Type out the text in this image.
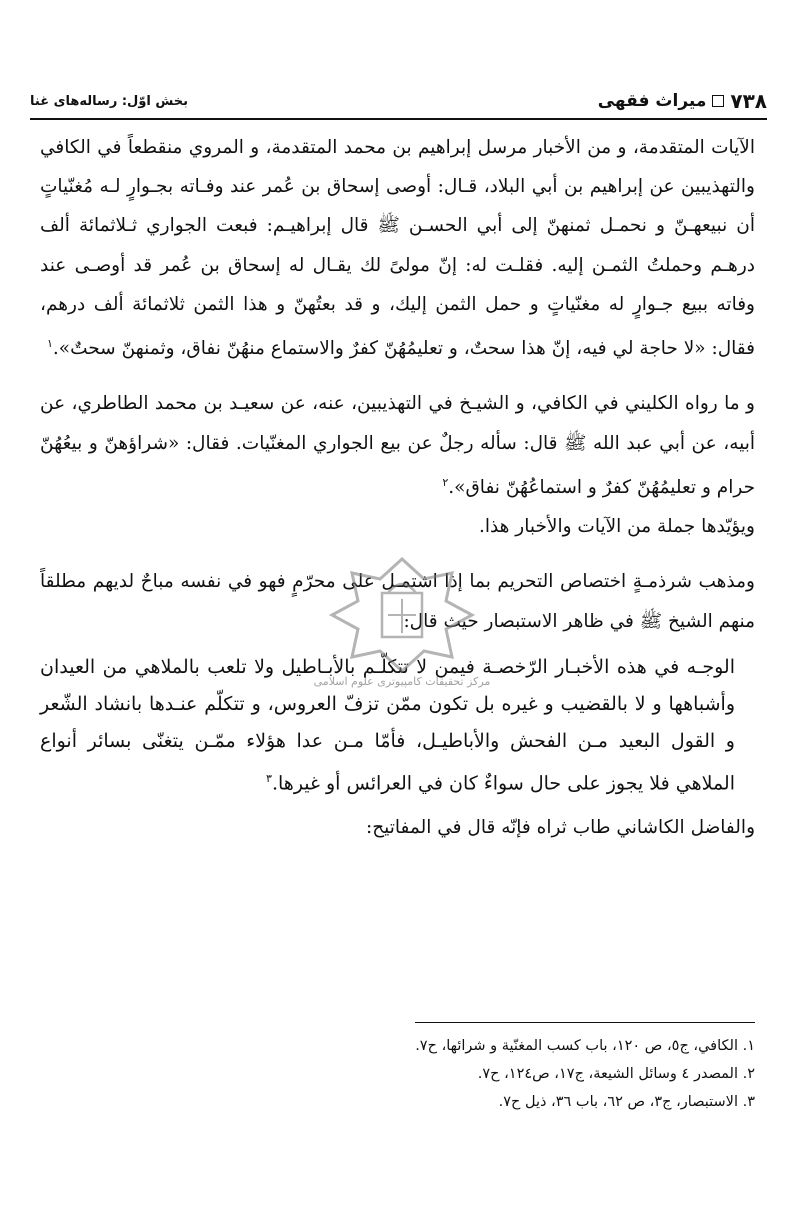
٧٣٨
ميراث فقهى
بخش اوّل: رسالەهای غنا

الآيات المتقدمة، و من الأخبار مرسل إبراهيم بن محمد المتقدمة، و المروي منقطعاً في الكافي والتهذيبين عن إبراهيم بن أبي البلاد، قـال: أوصى إسحاق بن عُمر عند وفـاته بجـوارٍ لـه مُغنّياتٍ أن نبيعهـنّ و نحمـل ثمنهنّ إلى أبي الحسـن ﷺ قال إبراهيـم: فبعت الجواري ثـلاثمائة ألف درهـم وحملتُ الثمـن إليه. فقلـت له: إنّ مولىً لك يقـال له إسحاق بن عُمر قد أوصـى عند وفاته ببيع جـوارٍ له مغنّياتٍ و حمل الثمن إليك، و قد بعتُهنّ و هذا الثمن ثلاثمائة ألف درهم، فقال: «لا حاجة لي فيه، إنّ هذا سحتٌ، و تعليمُهُنّ كفرٌ والاستماع منهُنّ نفاق، وثمنهنّ سحتٌ».$^١$

و ما رواه الكليني في الكافي، و الشيـخ في التهذيبين، عنه، عن سعيـد بن محمد الطاطري، عن أبيه، عن أبي عبد الله ﷺ قال: سأله رجلٌ عن بيع الجواري المغنّيات. فقال: «شراؤهنّ و بيعُهُنّ حرام و تعليمُهُنّ كفرٌ و استماعُهُنّ نفاق».$^٢$

ويؤيّدها جملة من الآيات والأخبار هذا.

ومذهب شرذمـةٍ اختصاص التحريم بما إذا اشتمـل على محرّمٍ فهو في نفسه مباحٌ لديهم مطلقاً منهم الشيخ ﷺ في ظاهر الاستبصار حيث قال:

الوجـه في هذه الأخبـار الرّخصـة فيمن لا تتكلّـم بالأبـاطيل ولا تلعب بالملاهي من العيدان وأشباهها و لا بالقضيب و غيره بل تكون ممّن تزفّ العروس، و تتكلّم عنـدها بانشاد الشّعر و القول البعيد مـن الفحش والأباطيـل، فأمّا مـن عدا هؤلاء ممّـن يتغنّى بسائر أنواع الملاهي فلا يجوز على حال سواءٌ كان في العرائس أو غيرها.$^٣$

والفاضل الكاشاني طاب ثراه فإنّه قال في المفاتيح:

مركز تحقيقات كامپيوتری علوم اسلامی
١. الكافي، ج٥، ص ١٢٠، باب كسب المغنّية و شرائها، ح٧.
٢. المصدر ٤ وسائل الشيعة، ج١٧، ص١٢٤، ح٧.
٣. الاستبصار، ج٣، ص ٦٢، باب ٣٦، ذيل ح٧.
